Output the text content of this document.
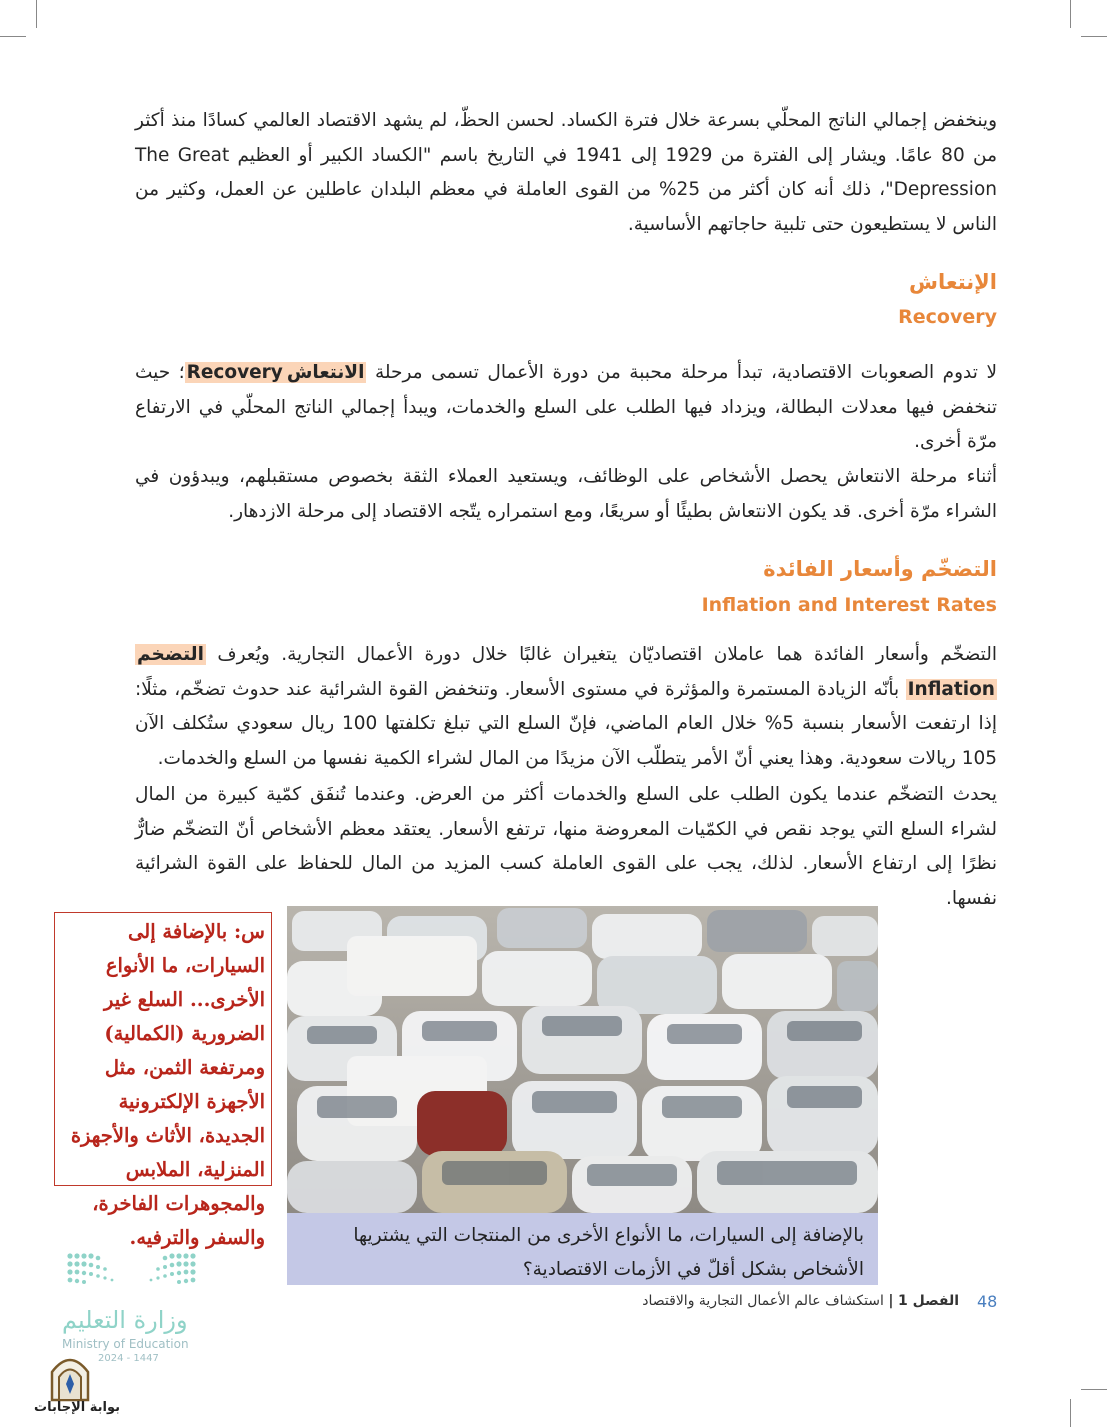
وينخفض إجمالي الناتج المحلّي بسرعة خلال فترة الكساد. لحسن الحظّ، لم يشهد الاقتصاد العالمي كسادًا منذ أكثر من 80 عامًا. ويشار إلى الفترة من 1929 إلى 1941 في التاريخ باسم "الكساد الكبير أو العظيم The Great Depression"، ذلك أنه كان أكثر من 25% من القوى العاملة في معظم البلدان عاطلين عن العمل، وكثير من الناس لا يستطيعون حتى تلبية حاجاتهم الأساسية.
الإنتعاش
Recovery
لا تدوم الصعوبات الاقتصادية، تبدأ مرحلة محببة من دورة الأعمال تسمى مرحلة الانتعاشRecovery؛ حيث تنخفض فيها معدلات البطالة، ويزداد فيها الطلب على السلع والخدمات، ويبدأ إجمالي الناتج المحلّي في الارتفاع مرّة أخرى.
أثناء مرحلة الانتعاش يحصل الأشخاص على الوظائف، ويستعيد العملاء الثقة بخصوص مستقبلهم، ويبدؤون في الشراء مرّة أخرى. قد يكون الانتعاش بطيئًا أو سريعًا، ومع استمراره يتّجه الاقتصاد إلى مرحلة الازدهار.
التضخّم وأسعار الفائدة
Inflation and Interest Rates
التضخّم وأسعار الفائدة هما عاملان اقتصاديّان يتغيران غالبًا خلال دورة الأعمال التجارية. ويُعرف التضخم Inflation بأنّه الزيادة المستمرة والمؤثرة في مستوى الأسعار. وتنخفض القوة الشرائية عند حدوث تضخّم، مثلًا: إذا ارتفعت الأسعار بنسبة 5% خلال العام الماضي، فإنّ السلع التي تبلغ تكلفتها 100 ريال سعودي ستُكلف الآن 105 ريالات سعودية. وهذا يعني أنّ الأمر يتطلّب الآن مزيدًا من المال لشراء الكمية نفسها من السلع والخدمات.
يحدث التضخّم عندما يكون الطلب على السلع والخدمات أكثر من العرض. وعندما تُنفَق كمّية كبيرة من المال لشراء السلع التي يوجد نقص في الكمّيات المعروضة منها، ترتفع الأسعار. يعتقد معظم الأشخاص أنّ التضخّم ضارٌّ نظرًا إلى ارتفاع الأسعار. لذلك، يجب على القوى العاملة كسب المزيد من المال للحفاظ على القوة الشرائية نفسها.
س: بالإضافة إلى السيارات، ما الأنواع الأخرى... السلع غير الضرورية (الكمالية) ومرتفعة الثمن، مثل الأجهزة الإلكترونية الجديدة، الأثاث والأجهزة المنزلية، الملابس والمجوهرات الفاخرة، والسفر والترفيه.	بالإضافة إلى السيارات، ما الأنواع الأخرى من المنتجات التي يشتريها الأشخاص بشكل أقلّ في الأزمات الاقتصادية؟
48
الفصل 1 | استكشاف عالم الأعمال التجارية والاقتصاد
وزارة التعليم
Ministry of Education
2024 - 1447
بوابة الإجابات
